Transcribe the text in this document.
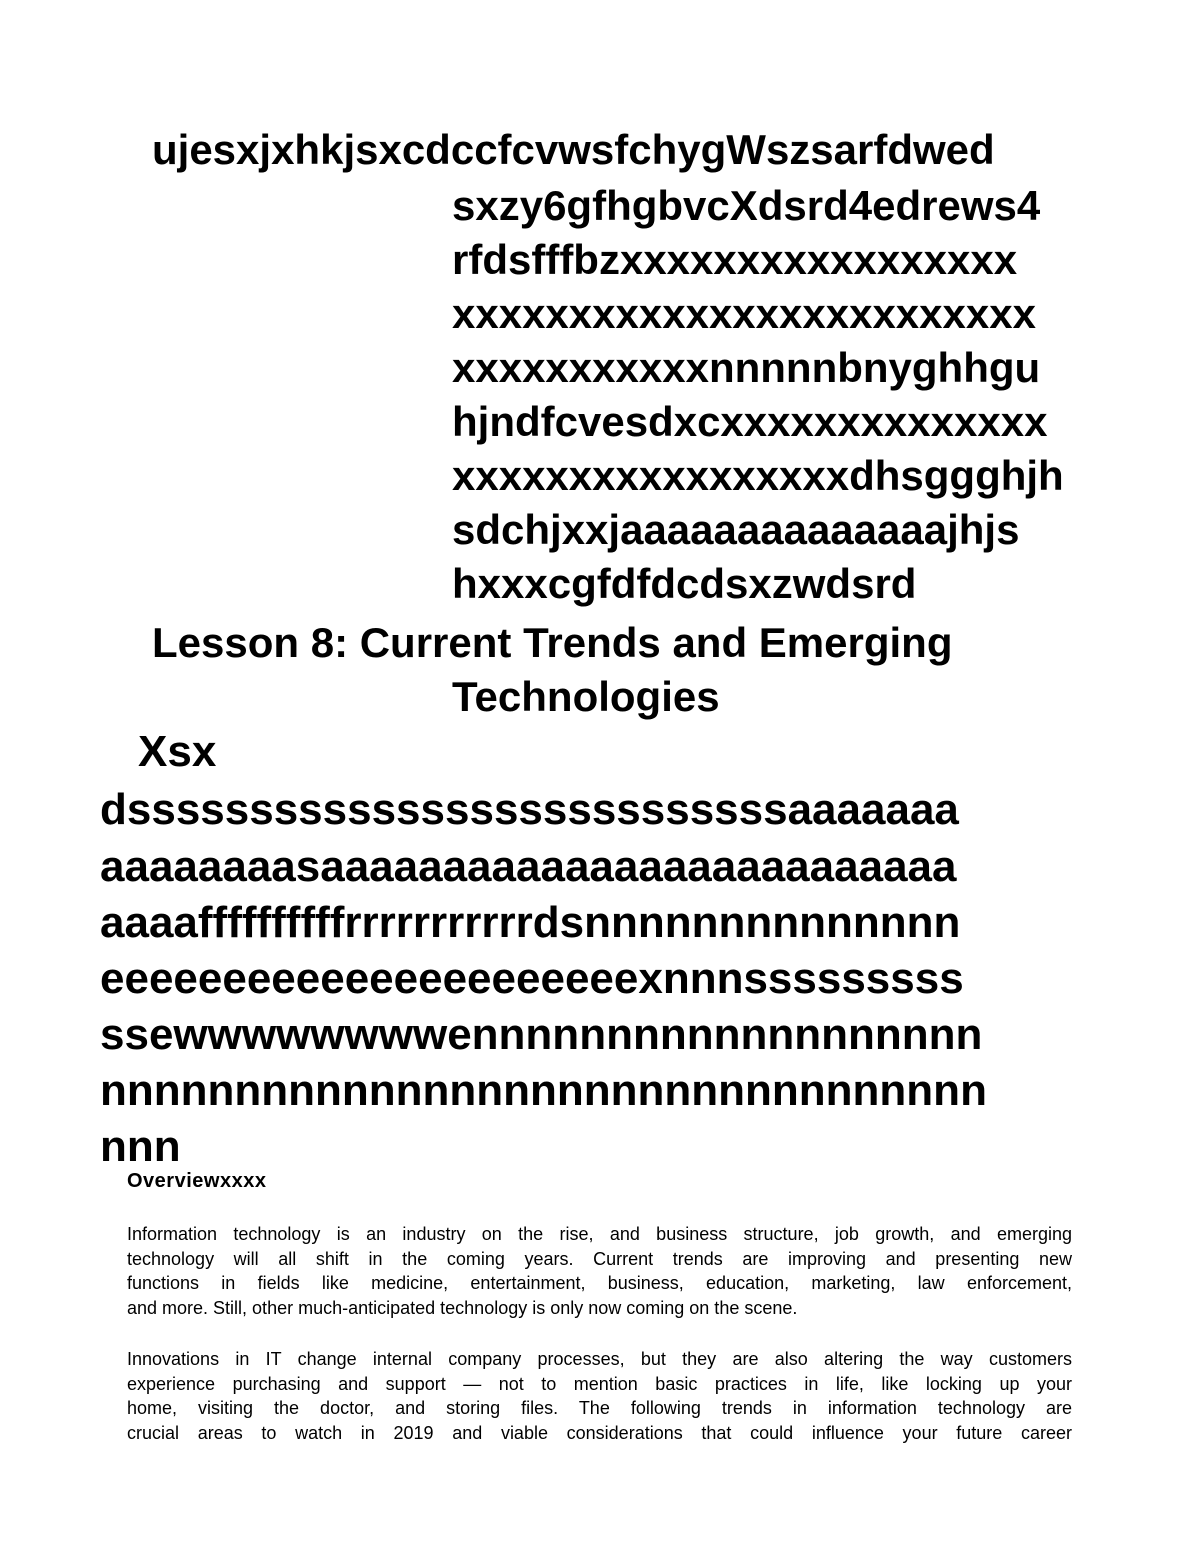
ujesxjxhkjsxcdccfcvwsfchygWszsarfdwed

sxzy6gfhgbvcXdsrd4edrews4

rfdsfffbzxxxxxxxxxxxxxxxxx

xxxxxxxxxxxxxxxxxxxxxxxxx

xxxxxxxxxxxnnnnnbnyghhgu

hjndfcvesdxcxxxxxxxxxxxxxx

xxxxxxxxxxxxxxxxxdhsggghjh

sdchjxxjaaaaaaaaaaaaaajhjs

hxxxcgfdfdcdsxzwdsrd

Lesson 8: Current Trends and Emerging

Technologies

Xsx

dsssssssssssssssssssssssssssaaaaaaa

aaaaaaaasaaaaaaaaaaaaaaaaaaaaaaaaaa

aaaaffffffffffrrrrrrrrrrrdsnnnnnnnnnnnnnn

eeeeeeeeeeeeeeeeeeeeeexnnnsssssssss

ssewwwwwwwwennnnnnnnnnnnnnnnnnn

nnnnnnnnnnnnnnnnnnnnnnnnnnnnnnnnn

nnn

Overviewxxxx
Information technology is an industry on the rise, and business structure, job growth, and emerging
technology will all shift in the coming years. Current trends are improving and presenting new
functions in fields like medicine, entertainment, business, education, marketing, law enforcement,
and more. Still, other much-anticipated technology is only now coming on the scene.
Innovations in IT change internal company processes, but they are also altering the way customers
experience purchasing and support — not to mention basic practices in life, like locking up your
home, visiting the doctor, and storing files. The following trends in information technology are
crucial areas to watch in 2019 and viable considerations that could influence your future career
